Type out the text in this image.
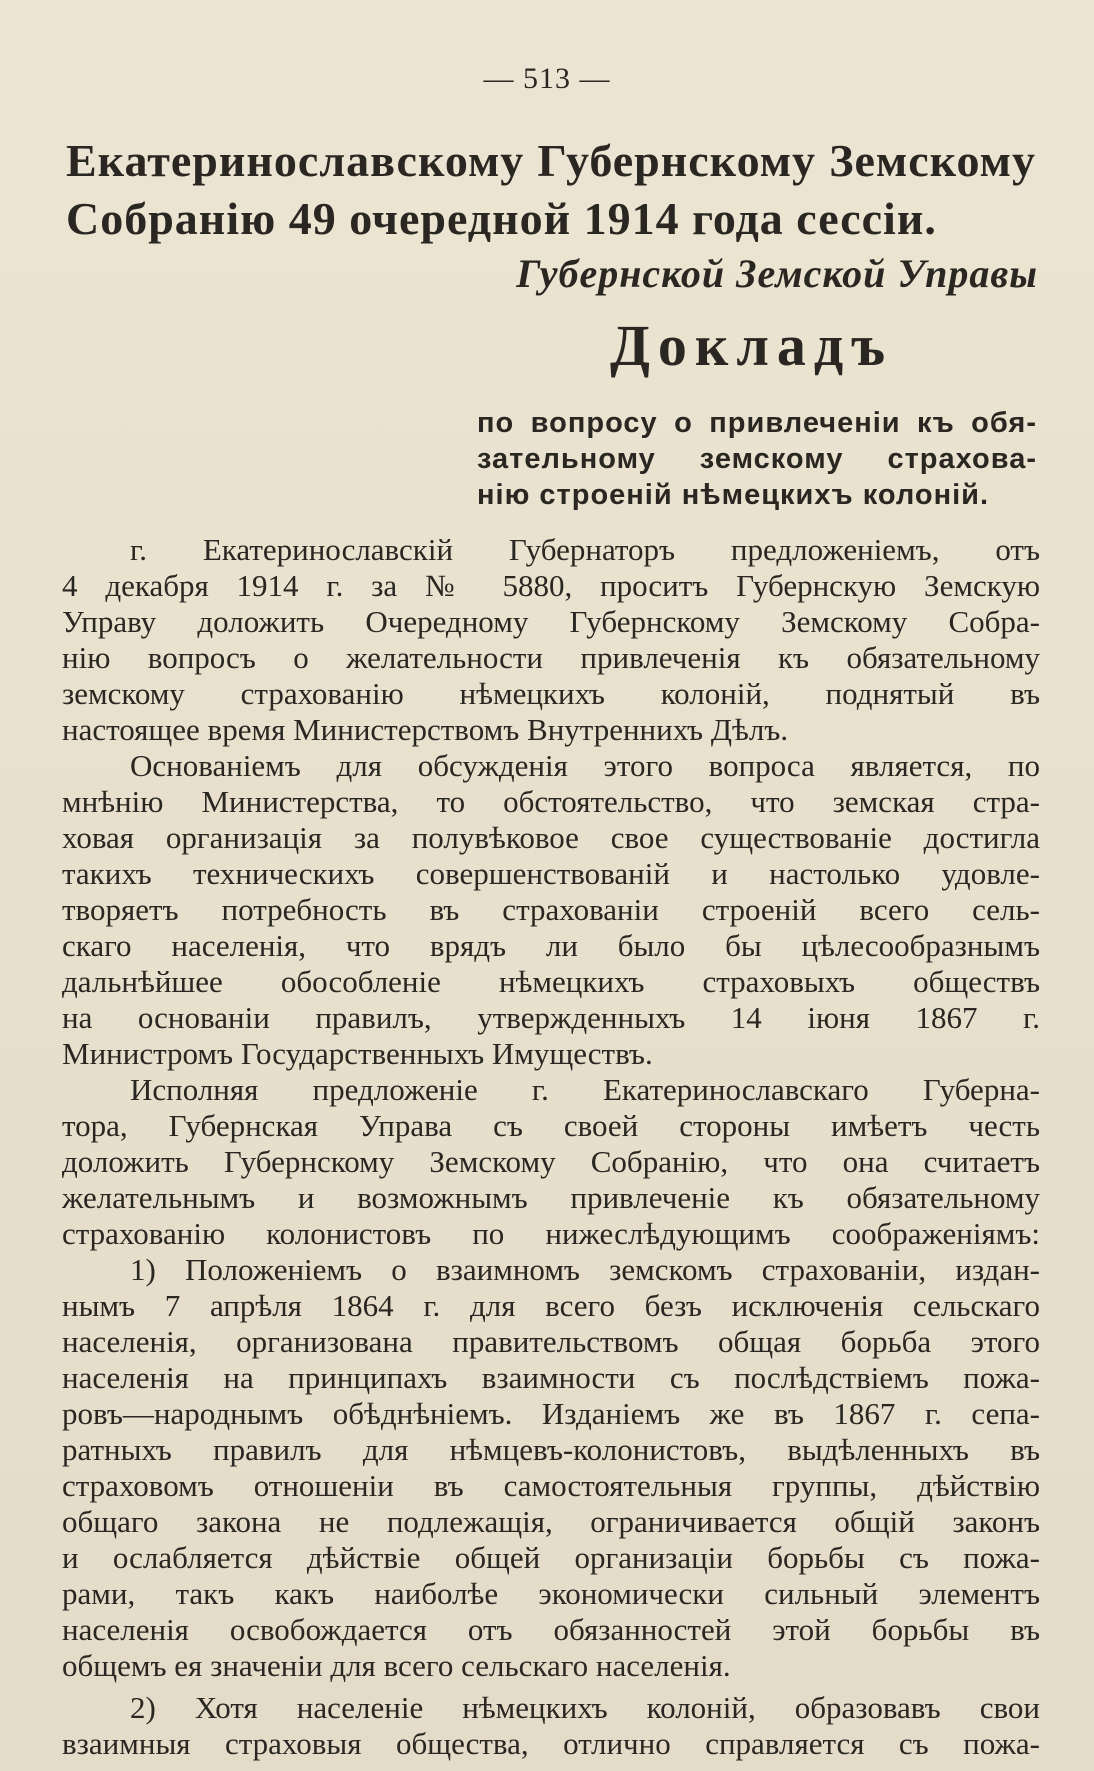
— 513 —
Екатеринославскому Губернскому Земскому
Собранію 49 очередной 1914 года сессіи.
Губернской Земской Управы
Докладъ
по вопросу о привлеченіи къ обя-
зательному земскому страхова-
нію строеній нѣмецкихъ колоній.
г. Екатеринославскій Губернаторъ предложеніемъ, отъ
4 декабря 1914 г. за № 5880, проситъ Губернскую Земскую
Управу доложить Очередному Губернскому Земскому Собра-
нію вопросъ о желательности привлеченія къ обязательному
земскому страхованію нѣмецкихъ колоній, поднятый въ
настоящее время Министерствомъ Внутреннихъ Дѣлъ.
Основаніемъ для обсужденія этого вопроса является, по
мнѣнію Министерства, то обстоятельство, что земская стра-
ховая организація за полувѣковое свое существованіе достигла
такихъ техническихъ совершенствованій и настолько удовле-
творяетъ потребность въ страхованіи строеній всего сель-
скаго населенія, что врядъ ли было бы цѣлесообразнымъ
дальнѣйшее обособленіе нѣмецкихъ страховыхъ обществъ
на основаніи правилъ, утвержденныхъ 14 іюня 1867 г.
Министромъ Государственныхъ Имуществъ.
Исполняя предложеніе г. Екатеринославскаго Губерна-
тора, Губернская Управа съ своей стороны имѣетъ честь
доложить Губернскому Земскому Собранію, что она считаетъ
желательнымъ и возможнымъ привлеченіе къ обязательному
страхованію колонистовъ по нижеслѣдующимъ соображеніямъ:
1) Положеніемъ о взаимномъ земскомъ страхованіи, издан-
нымъ 7 апрѣля 1864 г. для всего безъ исключенія сельскаго
населенія, организована правительствомъ общая борьба этого
населенія на принципахъ взаимности съ послѣдствіемъ пожа-
ровъ—народнымъ обѣднѣніемъ. Изданіемъ же въ 1867 г. сепа-
ратныхъ правилъ для нѣмцевъ-колонистовъ, выдѣленныхъ въ
страховомъ отношеніи въ самостоятельныя группы, дѣйствію
общаго закона не подлежащія, ограничивается общій законъ
и ослабляется дѣйствіе общей организаціи борьбы съ пожа-
рами, такъ какъ наиболѣе экономически сильный элементъ
населенія освобождается отъ обязанностей этой борьбы въ
общемъ ея значеніи для всего сельскаго населенія.
2) Хотя населеніе нѣмецкихъ колоній, образовавъ свои
взаимныя страховыя общества, отлично справляется съ пожа-
